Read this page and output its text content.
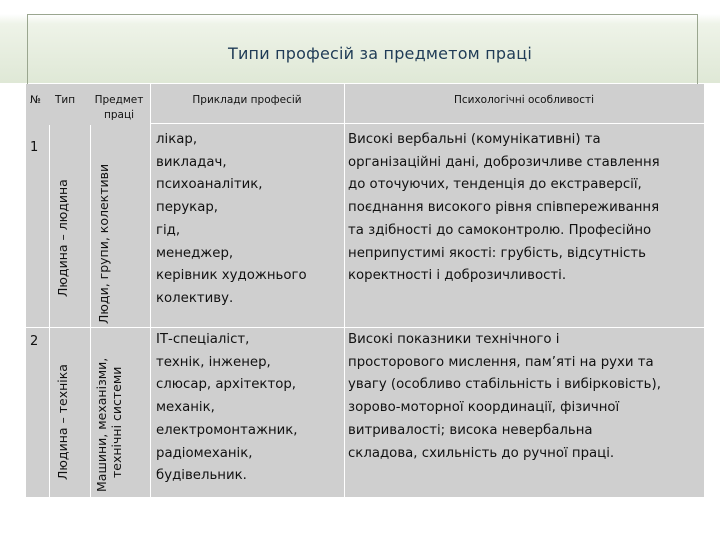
Типи професій за предметом праці
№ Тип	Предмет
праці
Приклади професій	Психологічні особливості
1
Людина – людина Люди, групи, колективи
лікар,
викладач,
психоаналітик,
перукар,
гід,
менеджер,
керівник художнього
колективу.
Високі вербальні (комунікативні) та
організаційні дані, доброзичливе ставлення
до оточуючих, тенденція до екстраверсії,
поєднання високого рівня співпереживання
та здібності до самоконтролю. Професійно
неприпустимі якості: грубість, відсутність
коректності і доброзичливості.
2
Людина – техніка Машини, механізми, технічні системи
ІТ-спеціаліст,
технік, інженер,
слюсар, архітектор,
механік,
електромонтажник,
радіомеханік,
будівельник.
Високі показники технічного і
просторового мислення, пам’яті на рухи та
увагу (особливо стабільність і вибірковість),
зорово-моторної координації, фізичної
витривалості; висока невербальна
складова, схильність до ручної праці.
